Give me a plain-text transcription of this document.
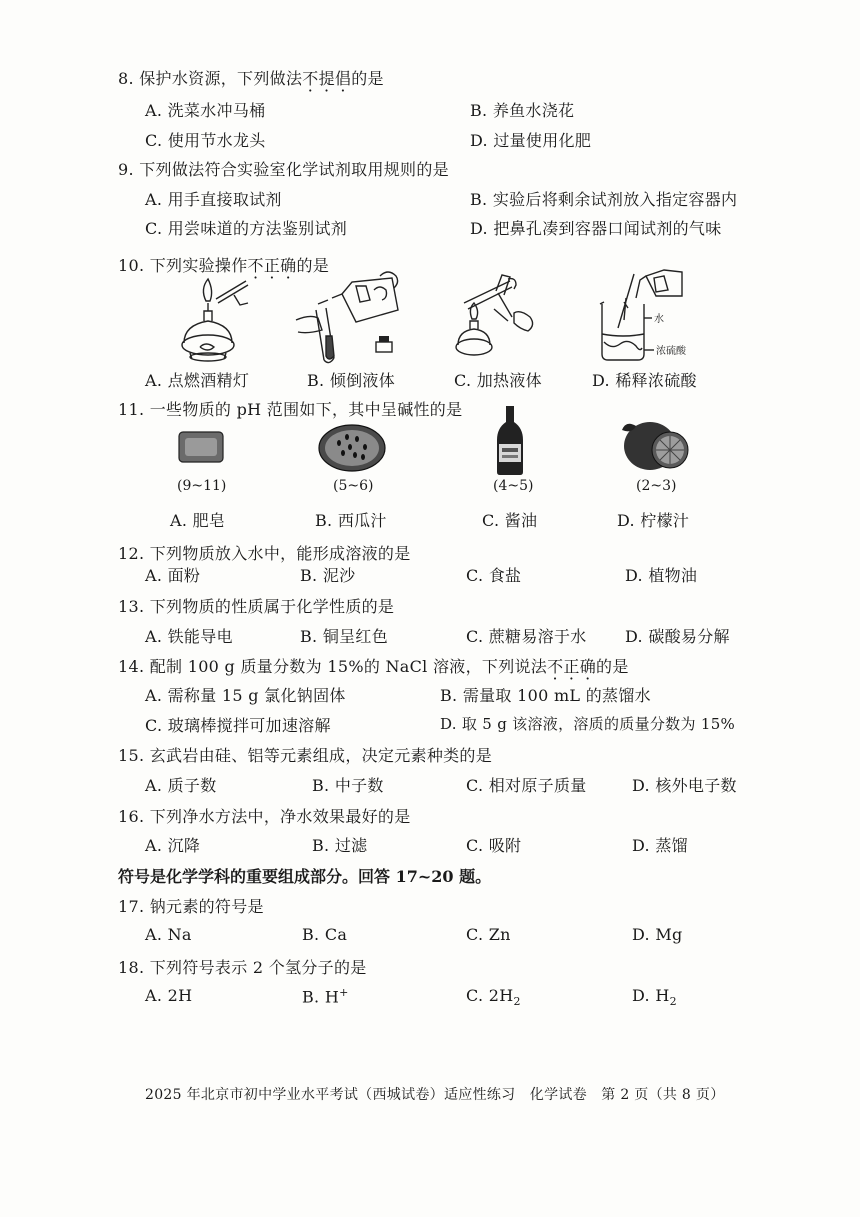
8. 保护水资源，下列做法不提倡的是
A. 洗菜水冲马桶	B. 养鱼水浇花
C. 使用节水龙头	D. 过量使用化肥
9. 下列做法符合实验室化学试剂取用规则的是
A. 用手直接取试剂	B. 实验后将剩余试剂放入指定容器内
C. 用尝味道的方法鉴别试剂	D. 把鼻孔凑到容器口闻试剂的气味
10. 下列实验操作不正确的是
水
浓硫酸
A. 点燃酒精灯	B. 倾倒液体	C. 加热液体	D. 稀释浓硫酸
11. 一些物质的 pH 范围如下，其中呈碱性的是
(9~11)	(5~6)	(4~5)	(2~3)
A. 肥皂	B. 西瓜汁	C. 酱油	D. 柠檬汁
12. 下列物质放入水中，能形成溶液的是
A. 面粉	B. 泥沙	C. 食盐	D. 植物油
13. 下列物质的性质属于化学性质的是
A. 铁能导电	B. 铜呈红色	C. 蔗糖易溶于水 D. 碳酸易分解
14. 配制 100 g 质量分数为 15%的 NaCl 溶液，下列说法不正确的是
A. 需称量 15 g 氯化钠固体	B. 需量取 100 mL 的蒸馏水
C. 玻璃棒搅拌可加速溶解	D. 取 5 g 该溶液，溶质的质量分数为 15%
15. 玄武岩由硅、铝等元素组成，决定元素种类的是
A. 质子数	B. 中子数	C. 相对原子质量	D. 核外电子数
16. 下列净水方法中，净水效果最好的是
A. 沉降	B. 过滤	C. 吸附	D. 蒸馏
符号是化学学科的重要组成部分。回答 17~20 题。
17. 钠元素的符号是
A. Na	B. Ca	C. Zn	D. Mg
18. 下列符号表示 2 个氢分子的是
A. 2H	B. H+	C. $2H_2$	D. $H_2$
2025 年北京市初中学业水平考试（西城试卷）适应性练习　化学试卷　第 2 页（共 8 页）
